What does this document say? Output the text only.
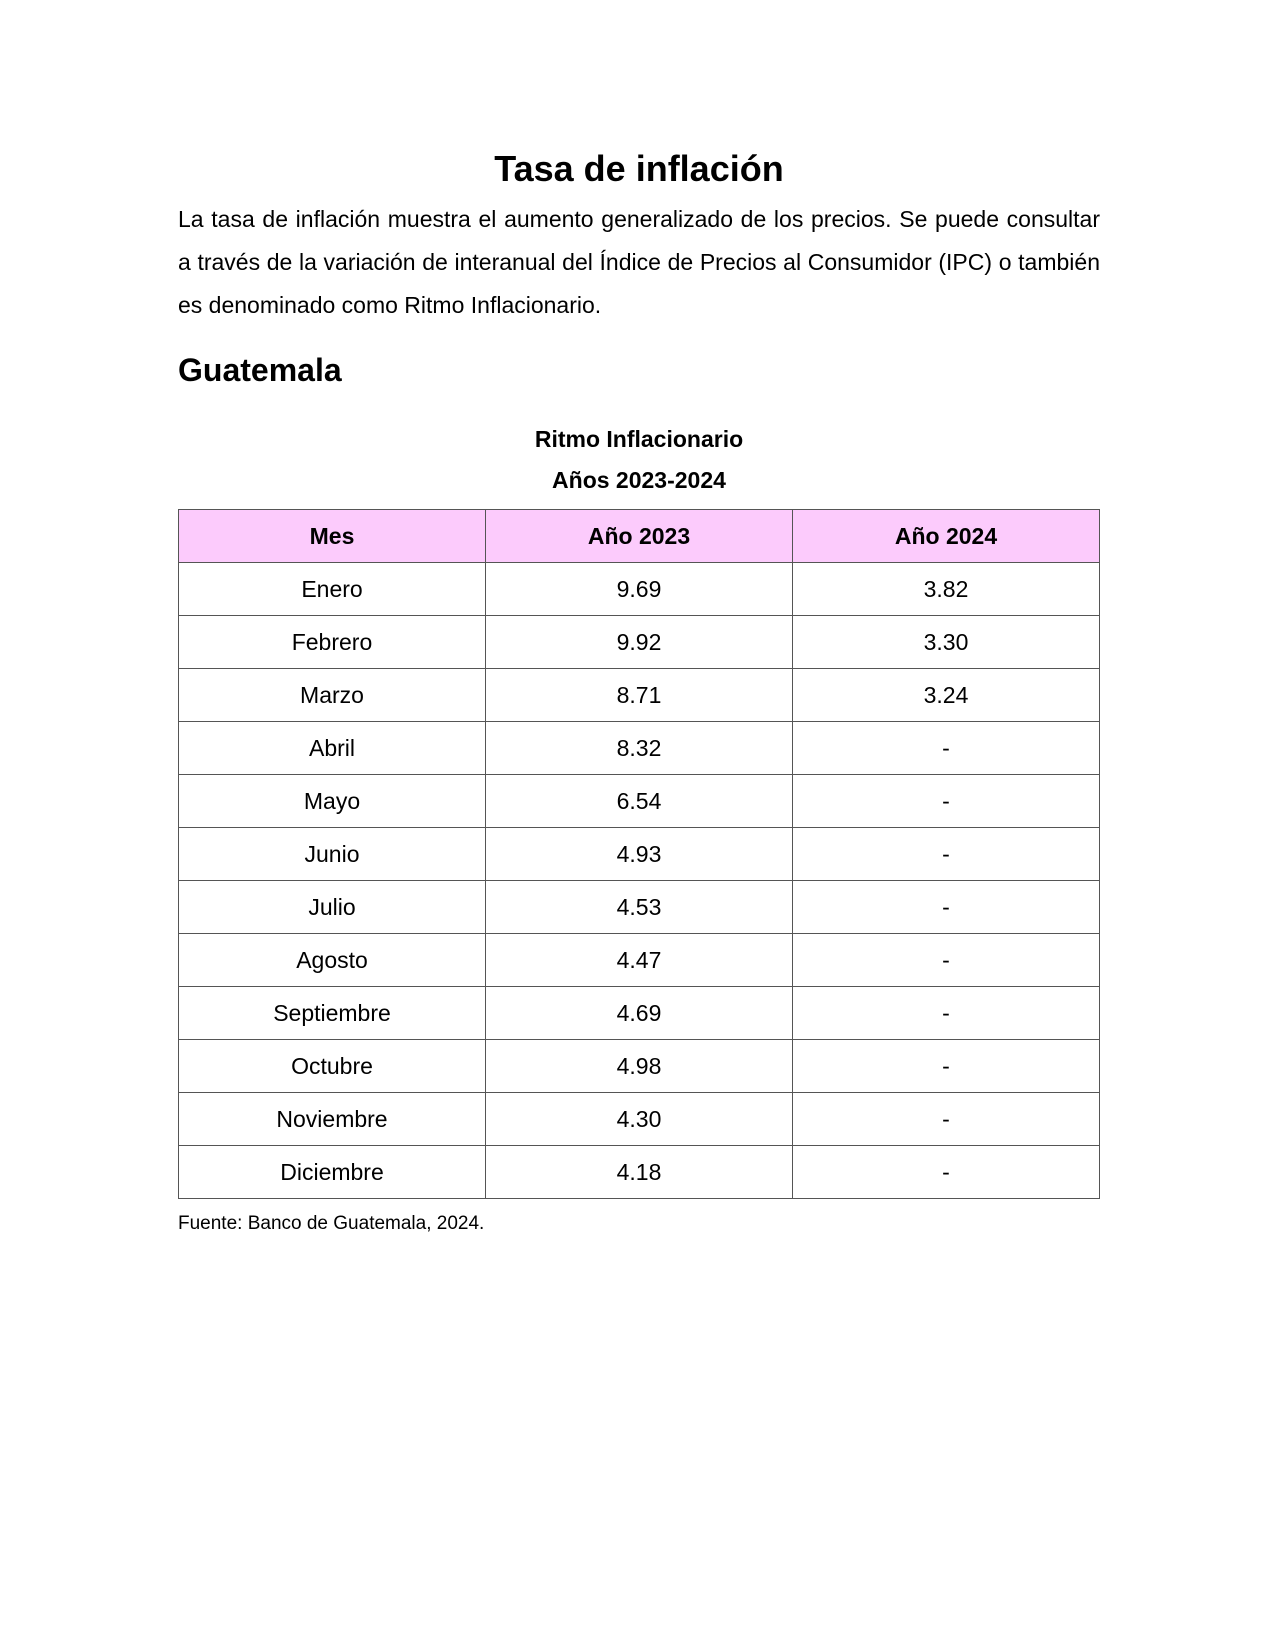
Tasa de inflación

La tasa de inflación muestra el aumento generalizado de los precios. Se puede consultar a través de la variación de interanual del Índice de Precios al Consumidor (IPC) o también es denominado como Ritmo Inflacionario.

Guatemala
Ritmo Inflacionario
Años 2023-2024
Mes	Año 2023	Año 2024
Enero	9.69	3.82
Febrero	9.92	3.30
Marzo	8.71	3.24
Abril	8.32	-
Mayo	6.54	-
Junio	4.93	-
Julio	4.53	-
Agosto	4.47	-
Septiembre	4.69	-
Octubre	4.98	-
Noviembre	4.30	-
Diciembre	4.18	-
Fuente: Banco de Guatemala, 2024.
